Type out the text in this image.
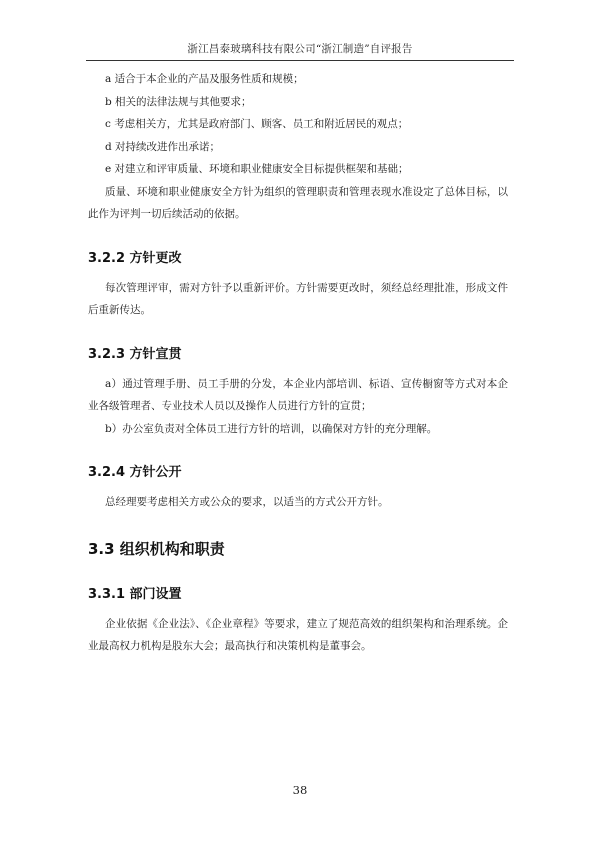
浙江昌泰玻璃科技有限公司“浙江制造”自评报告

a 适合于本企业的产品及服务性质和规模；

b 相关的法律法规与其他要求；

c 考虑相关方，尤其是政府部门、顾客、员工和附近居民的观点；

d 对持续改进作出承诺；

e 对建立和评审质量、环境和职业健康安全目标提供框架和基础；

质量、环境和职业健康安全方针为组织的管理职责和管理表现水准设定了总体目标，以此作为评判一切后续活动的依据。

3.2.2 方针更改

每次管理评审，需对方针予以重新评价。方针需要更改时，须经总经理批准，形成文件后重新传达。

3.2.3 方针宣贯

a）通过管理手册、员工手册的分发，本企业内部培训、标语、宣传橱窗等方式对本企业各级管理者、专业技术人员以及操作人员进行方针的宣贯；

b）办公室负责对全体员工进行方针的培训，以确保对方针的充分理解。

3.2.4 方针公开

总经理要考虑相关方或公众的要求，以适当的方式公开方针。

3.3 组织机构和职责
3.3.1 部门设置

企业依据《企业法》、《企业章程》等要求，建立了规范高效的组织架构和治理系统。企业最高权力机构是股东大会；最高执行和决策机构是董事会。

38
